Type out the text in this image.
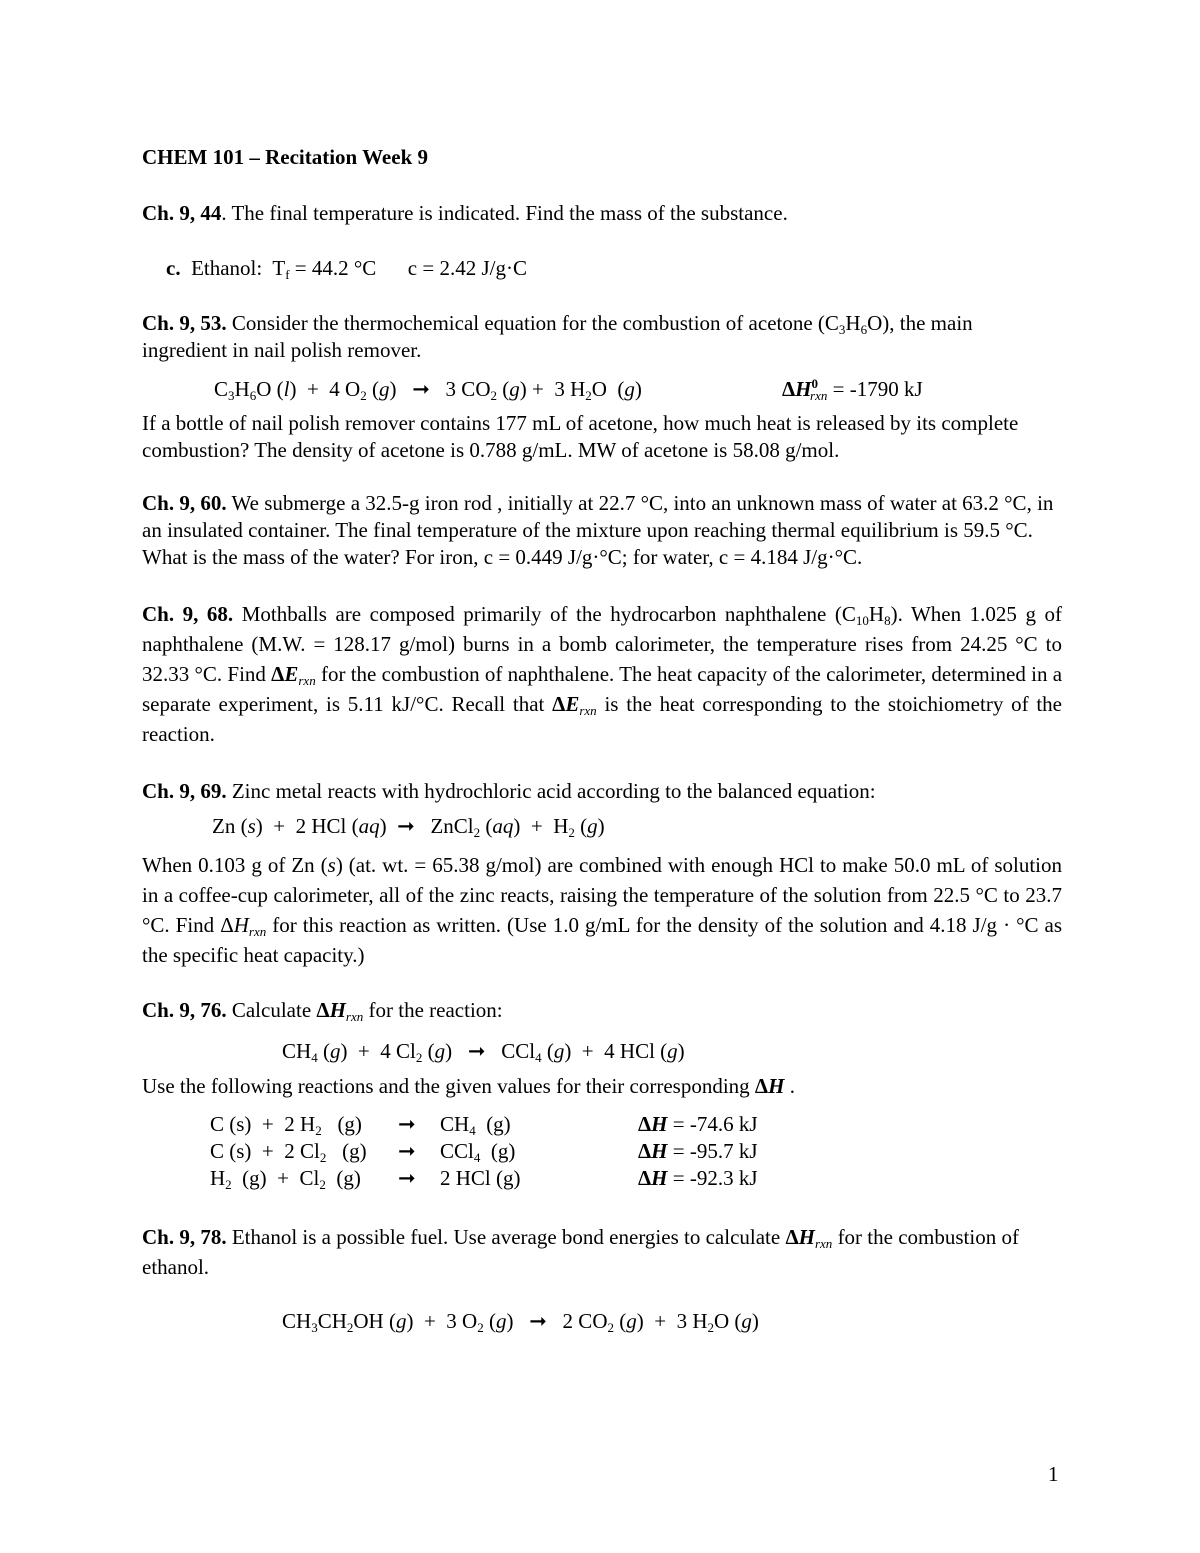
CHEM 101 – Recitation Week 9
Ch. 9, 44. The final temperature is indicated. Find the mass of the substance.
c. Ethanol: $T_f = 44.2$ °C c = 2.42 J/g·C
Ch. 9, 53. Consider the thermochemical equation for the combustion of acetone $(C_3H_6O)$, the main ingredient in nail polish remover.
$C_3H_6O$ (l)  +  4 $O_2$ (g)   ➞   3 $CO_2$ (g) +  3 $H_2O$  (g)	$\Delta H^0_{rxn} = -1790$ kJ
If a bottle of nail polish remover contains 177 mL of acetone, how much heat is released by its complete combustion? The density of acetone is 0.788 g/mL. MW of acetone is 58.08 g/mol.
Ch. 9, 60. We submerge a 32.5-g iron rod , initially at 22.7 °C, into an unknown mass of water at 63.2 °C, in an insulated container. The final temperature of the mixture upon reaching thermal equilibrium is 59.5 °C. What is the mass of the water? For iron, c = 0.449 J/g·°C; for water, c = 4.184 J/g·°C.
Ch. 9, 68. Mothballs are composed primarily of the hydrocarbon naphthalene $(C_{10}H_8)$. When 1.025 g of naphthalene (M.W. = 128.17 g/mol) burns in a bomb calorimeter, the temperature rises from 24.25 °C to 32.33 °C. Find $\Delta E_{rxn}$ for the combustion of naphthalene. The heat capacity of the calorimeter, determined in a separate experiment, is 5.11 kJ/°C. Recall that $\Delta E_{rxn}$ is the heat corresponding to the stoichiometry of the reaction.
Ch. 9, 69. Zinc metal reacts with hydrochloric acid according to the balanced equation:
Zn (s)  +  2 HCl (aq)  ➞   ZnCl$_2$ $(aq) + H_2$ (g)
When 0.103 g of Zn (s) (at. wt. = 65.38 g/mol) are combined with enough HCl to make 50.0 mL of solution in a coffee-cup calorimeter, all of the zinc reacts, raising the temperature of the solution from 22.5 °C to 23.7 °C. Find $\Delta H_{rxn}$ for this reaction as written. (Use 1.0 g/mL for the density of the solution and 4.18 J/g · °C as the specific heat capacity.)
Ch. 9, 76. Calculate $\Delta H_{rxn}$ for the reaction:
$CH_4$ (g)  +  4 $Cl_2$ (g)   ➞   CCl$_4$ (g)  +  4 HCl (g)
Use the following reactions and the given values for their corresponding ΔH .
C (s)  +  2 $H_2$   (g) ➞ $CH_4$  (g)	ΔH = -74.6 kJ
C (s)  +  2 $Cl_2$   (g) ➞ CCl$_4$  (g)	ΔH = -95.7 kJ
$H_2$  $(g) + Cl_2$  (g) ➞ 2 HCl (g)	ΔH = -92.3 kJ
Ch. 9, 78. Ethanol is a possible fuel. Use average bond energies to calculate $\Delta H_{rxn}$ for the combustion of ethanol.
$CH_3CH_2OH$ (g)  +  3 $O_2$ (g)   ➞   2 $CO_2$ (g)  +  3 $H_2O$ (g)
1
